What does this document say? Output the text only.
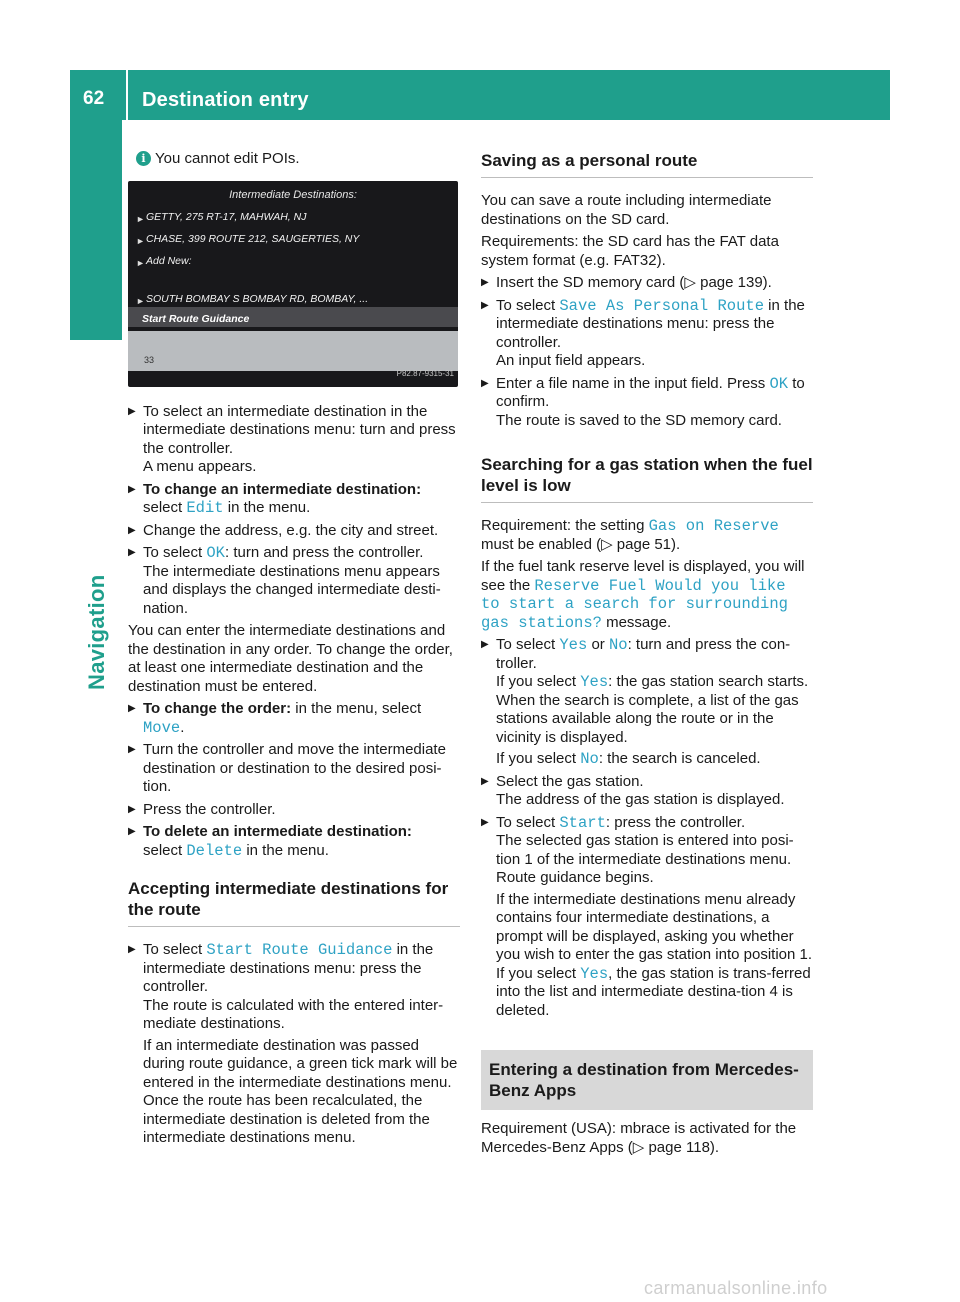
62	Destination entry
Navigation
i You cannot edit POIs.
Intermediate Destinations:
► GETTY, 275 RT-17, MAHWAH, NJ
► CHASE, 399 ROUTE 212, SAUGERTIES, NY
► Add New:
► SOUTH BOMBAY S BOMBAY RD, BOMBAY, ...
Start Route Guidance
33
P82.87-9315-31
▶ To select an intermediate destination in the intermediate destinations menu: turn and press the controller.
A menu appears.
▶ To change an intermediate destination:
select Edit in the menu.
▶ Change the address, e.g. the city and street.
▶ To select OK: turn and press the controller.
The intermediate destinations menu appears and displays the changed intermediate desti-nation.
You can enter the intermediate destinations and the destination in any order. To change the order, at least one intermediate destination and the destination must be entered.
▶ To change the order: in the menu, select Move.
▶ Turn the controller and move the intermediate destination or destination to the desired posi-tion.
▶ Press the controller.
▶ To delete an intermediate destination:
select Delete in the menu.
Accepting intermediate destinations for the route
▶ To select Start Route Guidance in the intermediate destinations menu: press the controller.
The route is calculated with the entered inter-mediate destinations.
If an intermediate destination was passed during route guidance, a green tick mark will be entered in the intermediate destinations menu. Once the route has been recalculated, the intermediate destination is deleted from the intermediate destinations menu.
Saving as a personal route
You can save a route including intermediate destinations on the SD card.
Requirements: the SD card has the FAT data system format (e.g. FAT32).
▶ Insert the SD memory card (▷ page 139).
▶ To select Save As Personal Route in the intermediate destinations menu: press the controller.
An input field appears.
▶ Enter a file name in the input field. Press OK to confirm.
The route is saved to the SD memory card.
Searching for a gas station when the fuel level is low
Requirement: the setting Gas on Reserve must be enabled (▷ page 51).
If the fuel tank reserve level is displayed, you will see the Reserve Fuel Would you like to start a search for surrounding gas stations? message.
▶ To select Yes or No: turn and press the con-troller.
If you select Yes: the gas station search starts. When the search is complete, a list of the gas stations available along the route or in the vicinity is displayed.
If you select No: the search is canceled.
▶ Select the gas station.
The address of the gas station is displayed.
▶ To select Start: press the controller.
The selected gas station is entered into posi-tion 1 of the intermediate destinations menu. Route guidance begins.
If the intermediate destinations menu already contains four intermediate destinations, a prompt will be displayed, asking you whether you wish to enter the gas station into position 1. If you select Yes, the gas station is trans-ferred into the list and intermediate destina-tion 4 is deleted.
Entering a destination from Mercedes-Benz Apps
Requirement (USA): mbrace is activated for the Mercedes-Benz Apps (▷ page 118).
carmanualsonline.info
